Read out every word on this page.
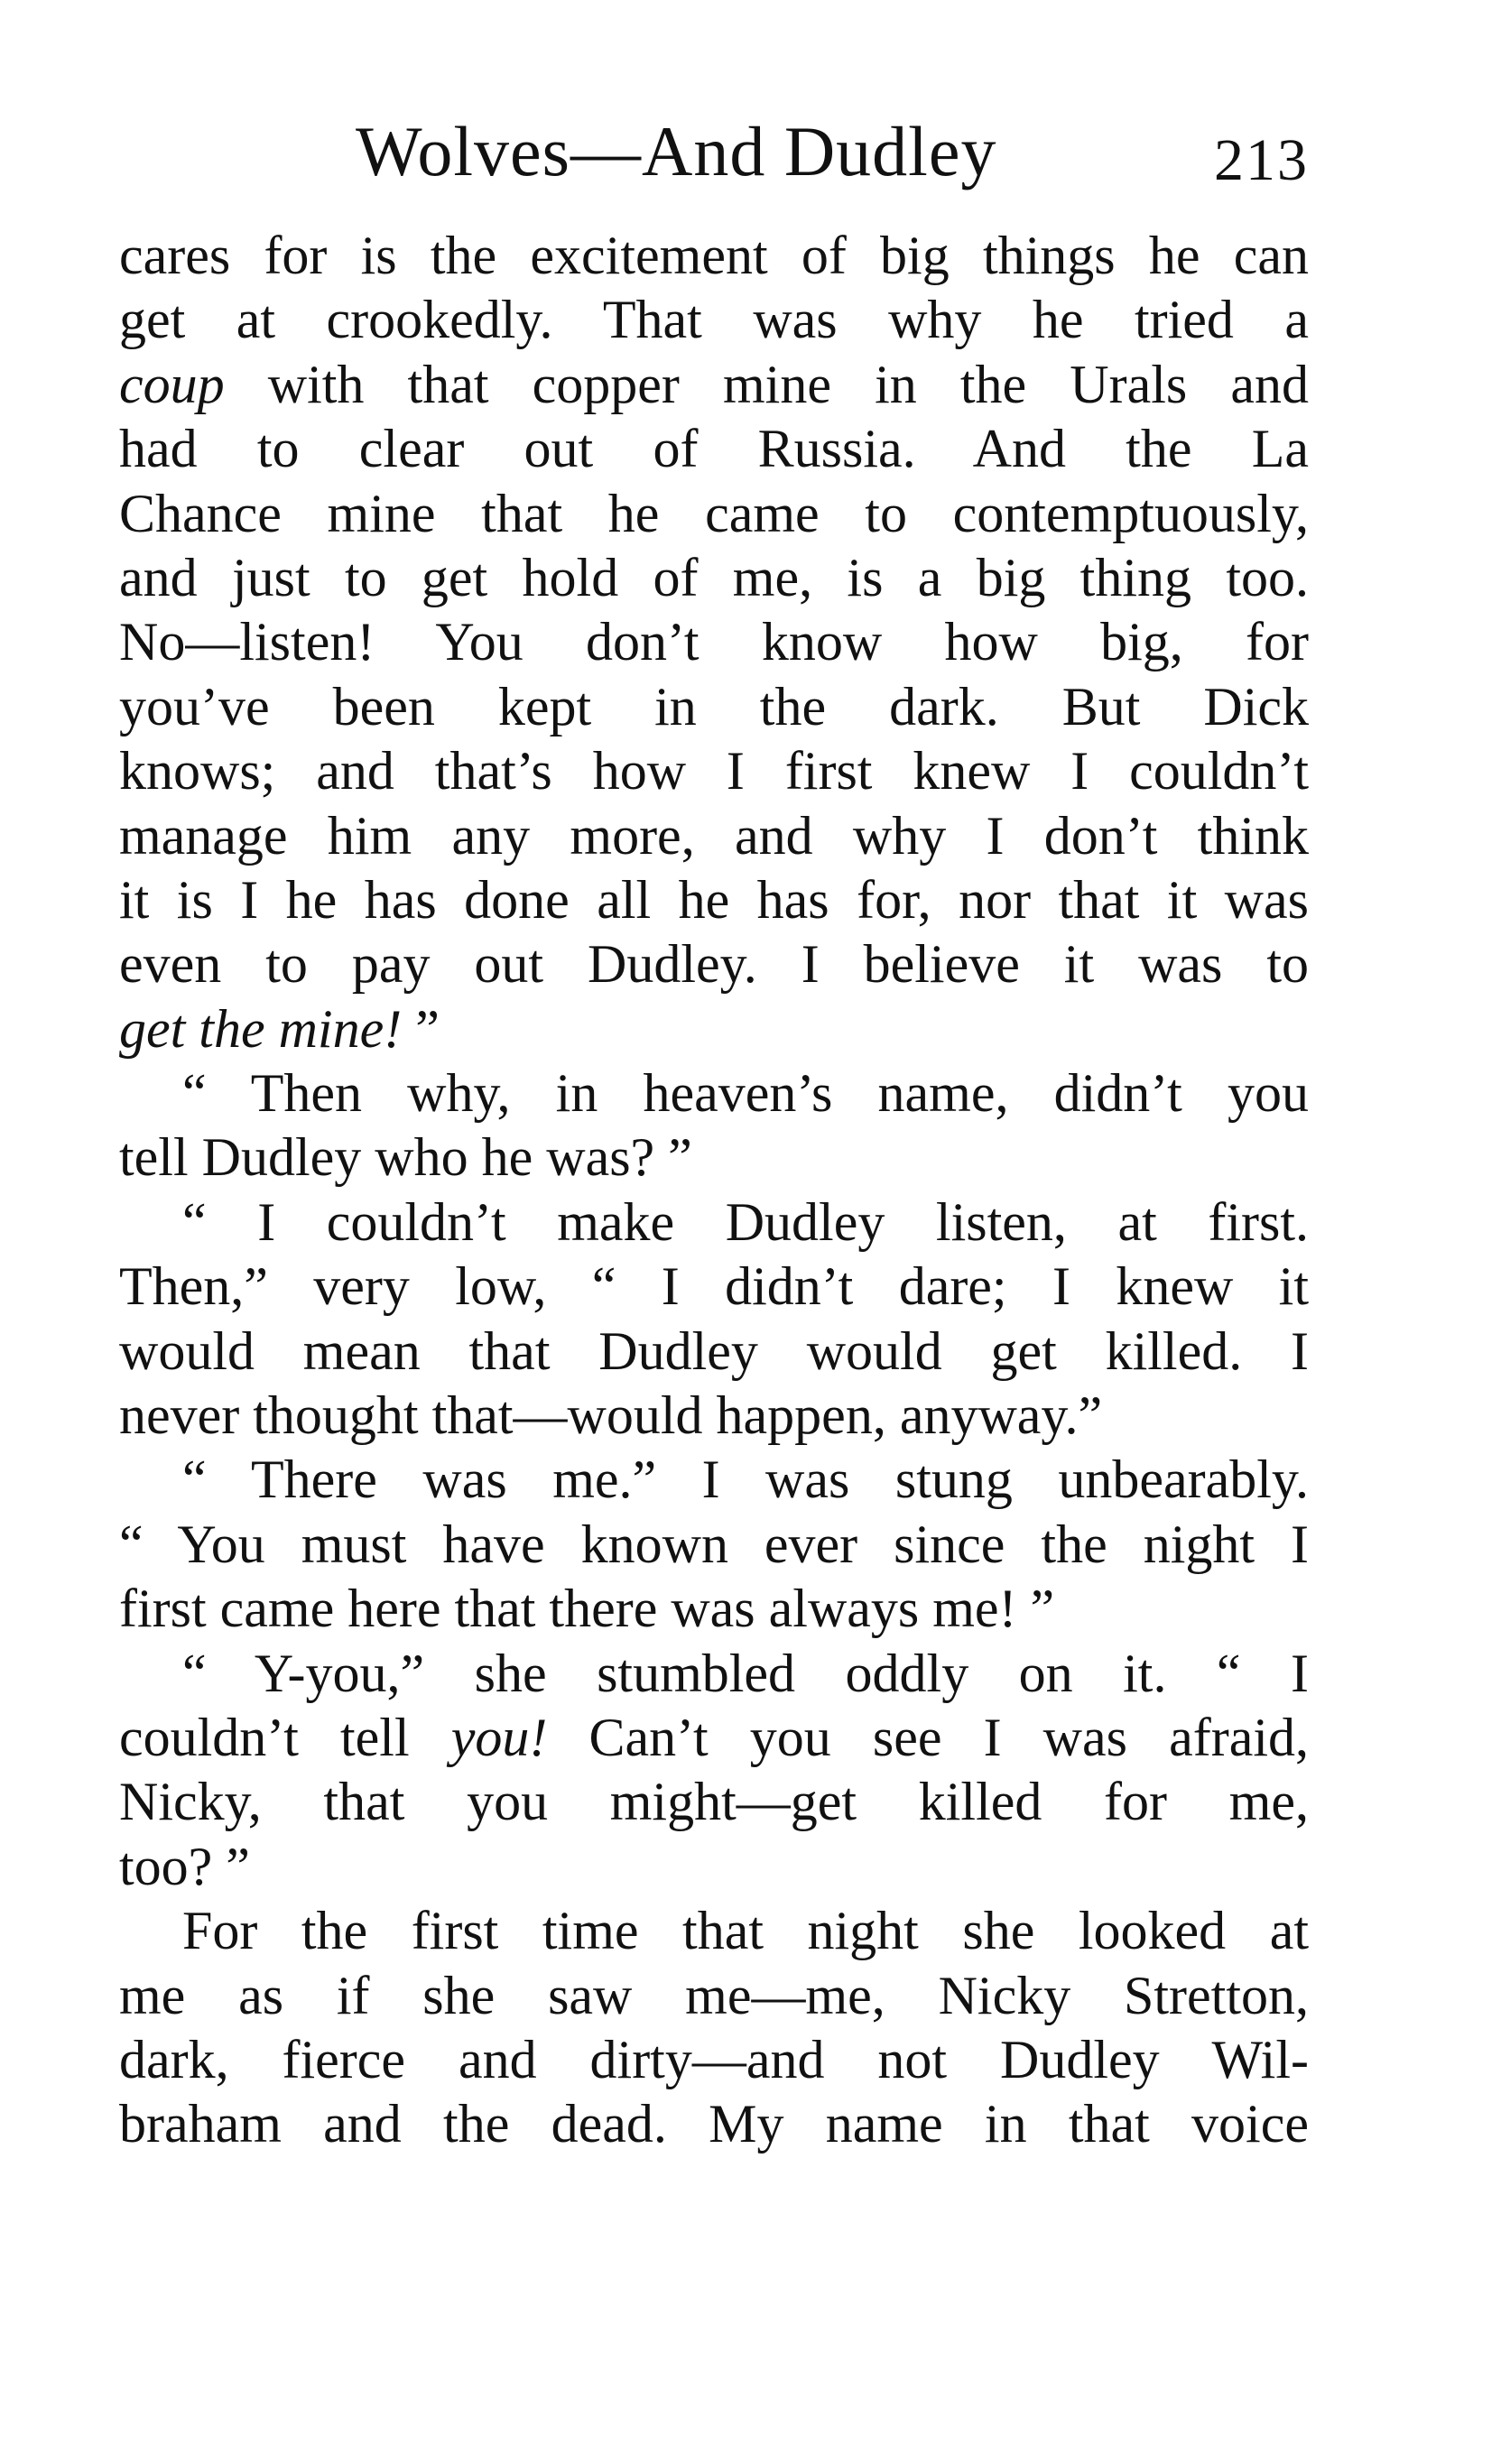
Wolves—And Dudley	213
cares for is the excitement of big things he can
get at crookedly. That was why he tried a
coup with that copper mine in the Urals and
had to clear out of Russia. And the La
Chance mine that he came to contemptuously,
and just to get hold of me, is a big thing too.
No—listen! You don’t know how big, for
you’ve been kept in the dark. But Dick
knows; and that’s how I first knew I couldn’t
manage him any more, and why I don’t think
it is I he has done all he has for, nor that it was
even to pay out Dudley. I believe it was to
get the mine! ”
“ Then why, in heaven’s name, didn’t you
tell Dudley who he was? ”
“ I couldn’t make Dudley listen, at first.
Then,” very low, “ I didn’t dare; I knew it
would mean that Dudley would get killed. I
never thought that—would happen, anyway.”
“ There was me.” I was stung unbearably.
“ You must have known ever since the night I
first came here that there was always me! ”
“ Y-you,” she stumbled oddly on it. “ I
couldn’t tell you! Can’t you see I was afraid,
Nicky, that you might—get killed for me,
too? ”
For the first time that night she looked at
me as if she saw me—me, Nicky Stretton,
dark, fierce and dirty—and not Dudley Wil-
braham and the dead. My name in that voice
